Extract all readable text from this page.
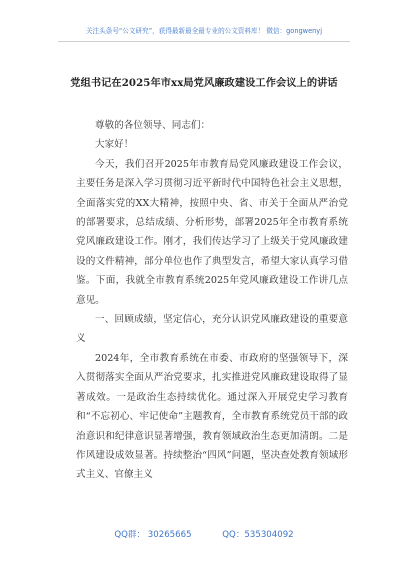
关注头条号“公文研究”，获得最新最全最专业的公文资料库！ 微信：gongwenyj
党组书记在2025年市xx局党风廉政建设工作会议上的讲话

尊敬的各位领导、同志们：

大家好！

今天，我们召开2025年市教育局党风廉政建设工作会议，主要任务是深入学习贯彻习近平新时代中国特色社会主义思想，全面落实党的XX大精神，按照中央、省、市关于全面从严治党的部署要求，总结成绩、分析形势，部署2025年全市教育系统党风廉政建设工作。刚才，我们传达学习了上级关于党风廉政建设的文件精神，部分单位也作了典型发言，希望大家认真学习借鉴。下面，我就全市教育系统2025年党风廉政建设工作讲几点意见。

一、回顾成绩，坚定信心，充分认识党风廉政建设的重要意义

2024年，全市教育系统在市委、市政府的坚强领导下，深入贯彻落实全面从严治党要求，扎实推进党风廉政建设取得了显著成效。一是政治生态持续优化。通过深入开展党史学习教育和“不忘初心、牢记使命”主题教育，全市教育系统党员干部的政治意识和纪律意识显著增强，教育领域政治生态更加清朗。二是作风建设成效显著。持续整治“四风”问题，坚决查处教育领域形式主义、官僚主义

QQ群： 30265665	QQ：535304092
